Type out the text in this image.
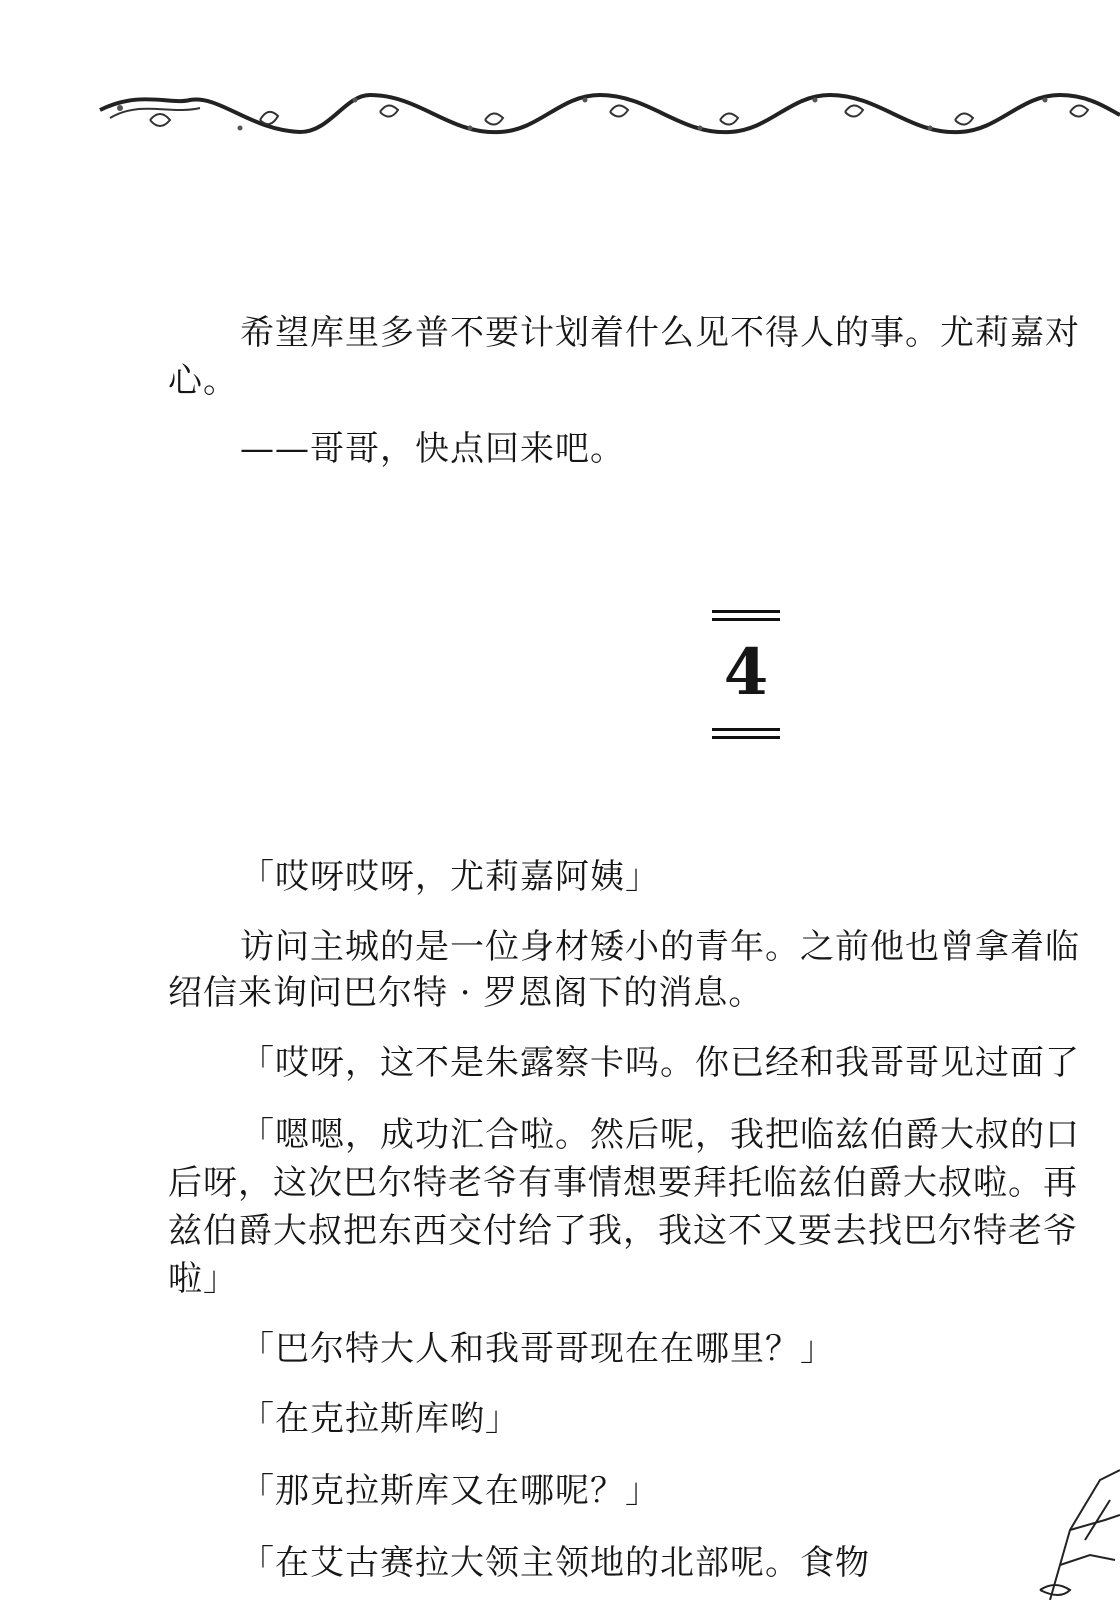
希望库里多普不要计划着什么见不得人的事。尤莉嘉对
心。
——哥哥，快点回来吧。
4
「哎呀哎呀，尤莉嘉阿姨」
访问主城的是一位身材矮小的青年。之前他也曾拿着临
绍信来询问巴尔特 · 罗恩阁下的消息。
「哎呀，这不是朱露察卡吗。你已经和我哥哥见过面了
「嗯嗯，成功汇合啦。然后呢，我把临兹伯爵大叔的口
后呀，这次巴尔特老爷有事情想要拜托临兹伯爵大叔啦。再
兹伯爵大叔把东西交付给了我，我这不又要去找巴尔特老爷
啦」
「巴尔特大人和我哥哥现在在哪里？」
「在克拉斯库哟」
「那克拉斯库又在哪呢？」
「在艾古赛拉大领主领地的北部呢。食物
